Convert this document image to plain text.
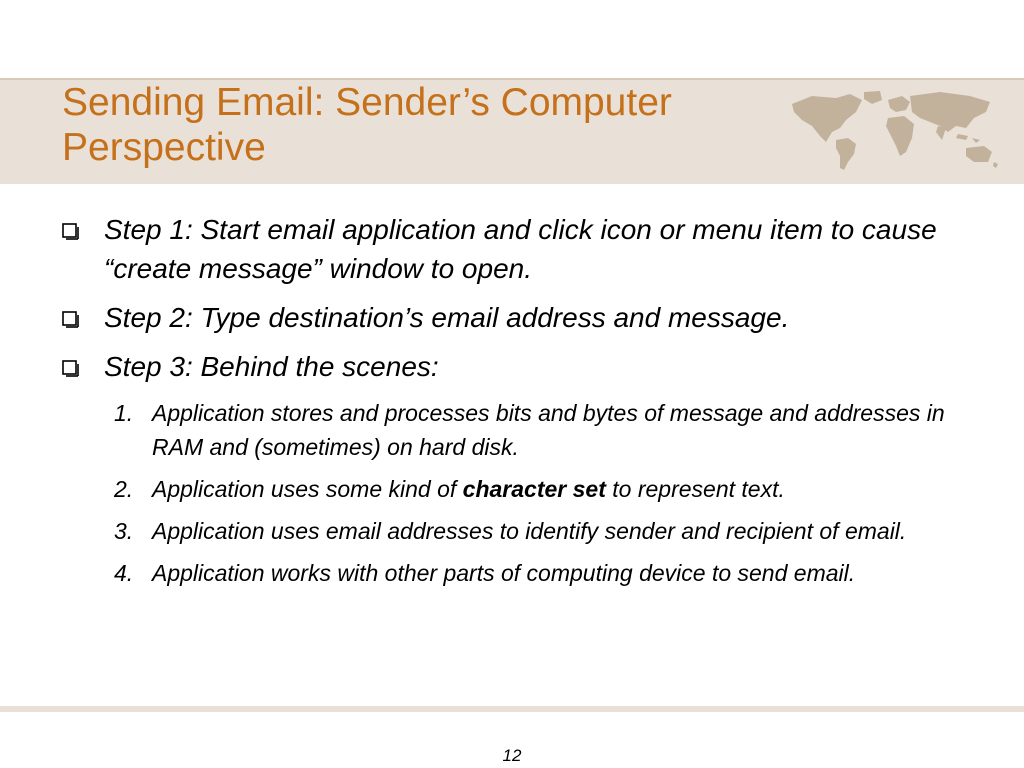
Sending Email: Sender’s Computer Perspective
Step 1: Start email application and click icon or menu item to cause “create message” window to open.
Step 2: Type destination’s email address and message.
Step 3: Behind the scenes:
1. Application stores and processes bits and bytes of message and addresses in RAM and (sometimes) on hard disk.
2. Application uses some kind of character set to represent text.
3. Application uses email addresses to identify sender and recipient of email.
4. Application works with other parts of computing device to send email.
12
